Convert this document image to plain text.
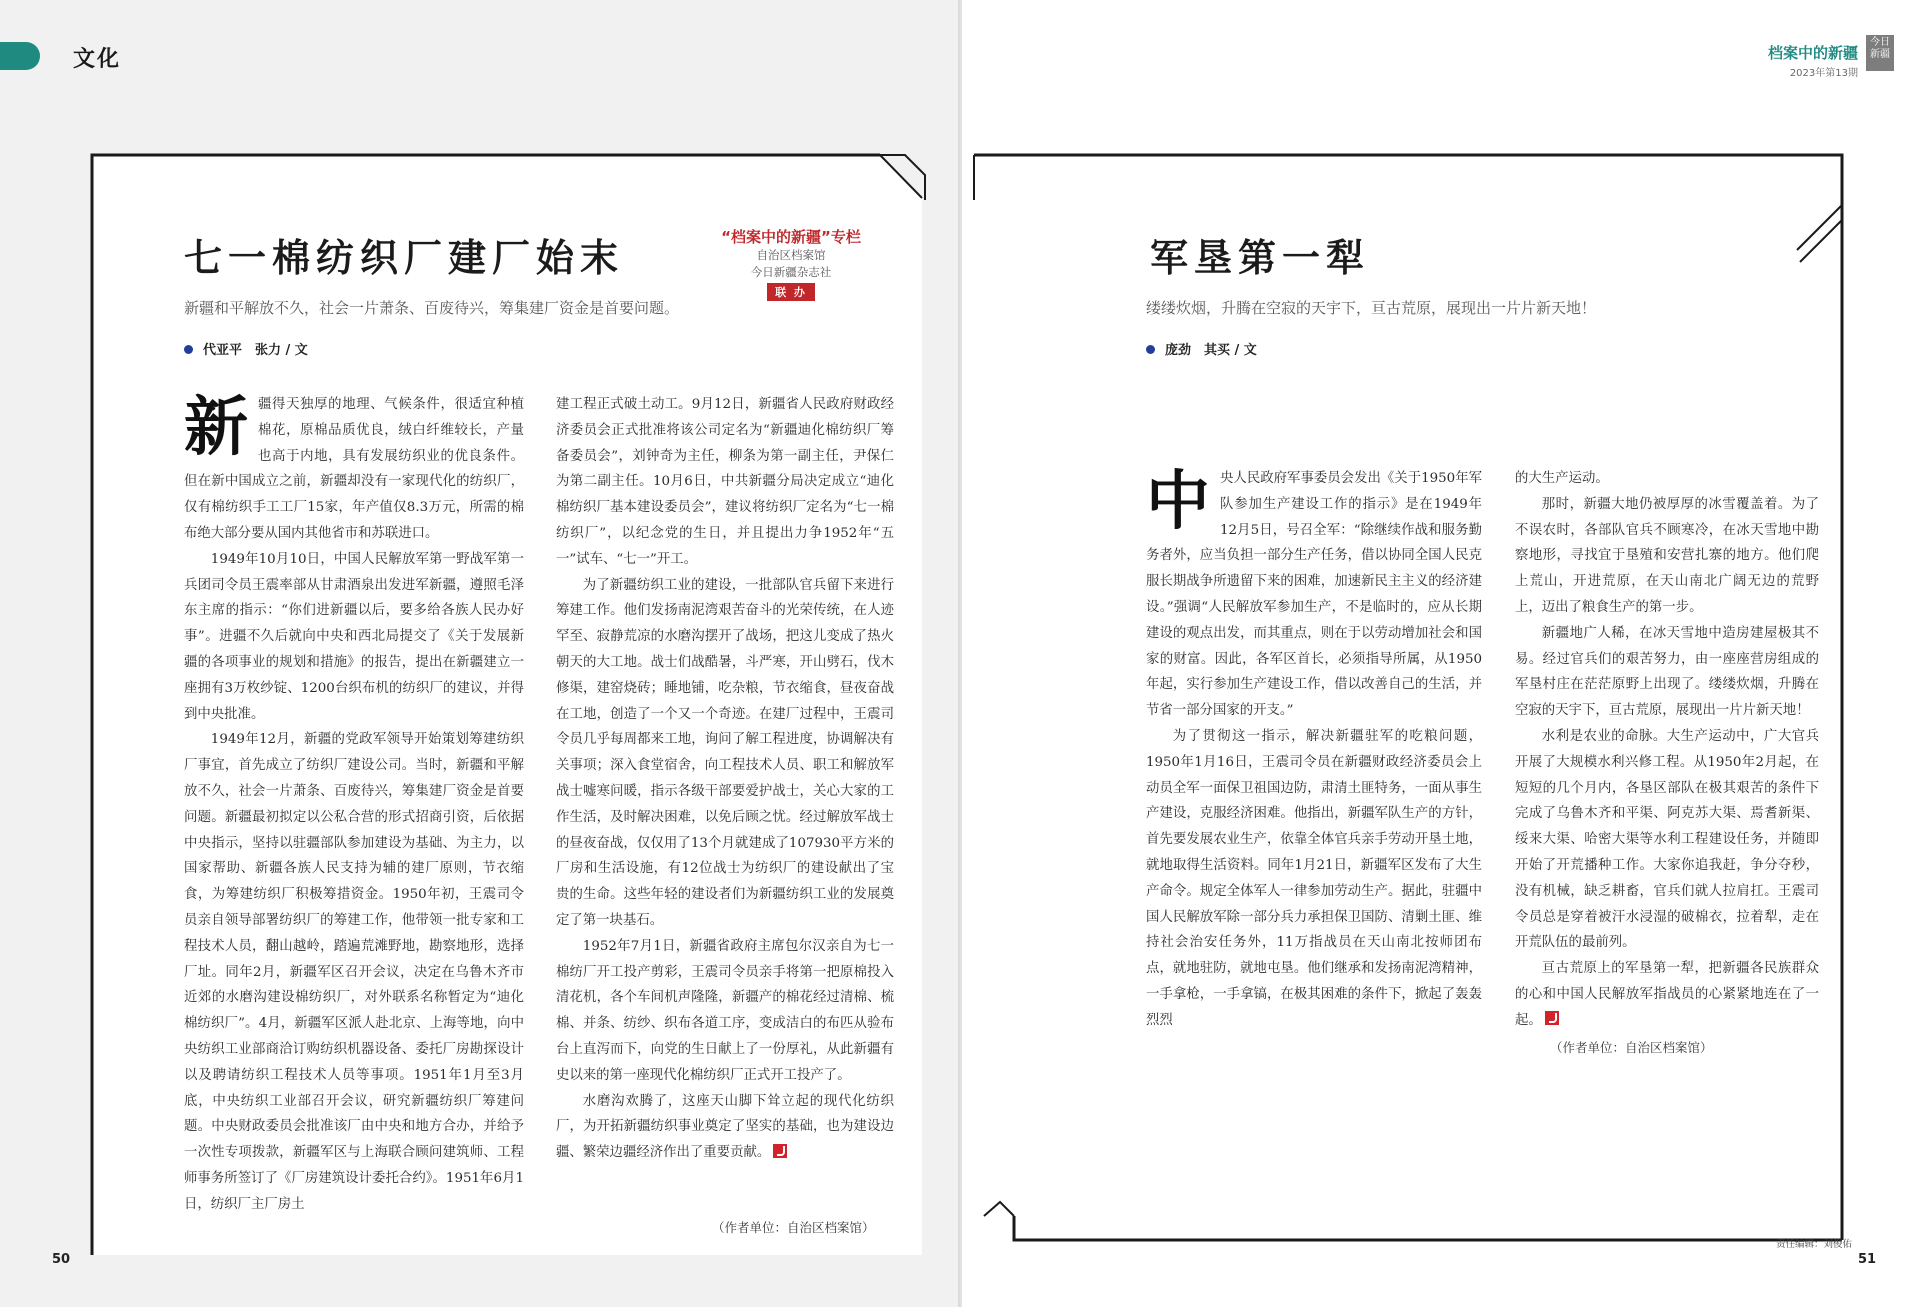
文化
七一棉纺织厂建厂始末	“档案中的新疆”专栏
自治区档案馆
今日新疆杂志社
联 办
新疆和平解放不久，社会一片萧条、百废待兴，筹集建厂资金是首要问题。
代亚平　张力 / 文

新疆得天独厚的地理、气候条件，很适宜种植棉花，原棉品质优良，绒白纤维较长，产量也高于内地，具有发展纺织业的优良条件。但在新中国成立之前，新疆却没有一家现代化的纺织厂，仅有棉纺织手工工厂15家，年产值仅8.3万元，所需的棉布绝大部分要从国内其他省市和苏联进口。

1949年10月10日，中国人民解放军第一野战军第一兵团司令员王震率部从甘肃酒泉出发进军新疆，遵照毛泽东主席的指示：“你们进新疆以后，要多给各族人民办好事”。进疆不久后就向中央和西北局提交了《关于发展新疆的各项事业的规划和措施》的报告，提出在新疆建立一座拥有3万枚纱锭、1200台织布机的纺织厂的建议，并得到中央批准。

1949年12月，新疆的党政军领导开始策划筹建纺织厂事宜，首先成立了纺织厂建设公司。当时，新疆和平解放不久，社会一片萧条、百废待兴，筹集建厂资金是首要问题。新疆最初拟定以公私合营的形式招商引资，后依据中央指示，坚持以驻疆部队参加建设为基础、为主力，以国家帮助、新疆各族人民支持为辅的建厂原则，节衣缩食，为筹建纺织厂积极筹措资金。1950年初，王震司令员亲自领导部署纺织厂的筹建工作，他带领一批专家和工程技术人员，翻山越岭，踏遍荒滩野地，勘察地形，选择厂址。同年2月，新疆军区召开会议，决定在乌鲁木齐市近郊的水磨沟建设棉纺织厂，对外联系名称暂定为“迪化棉纺织厂”。4月，新疆军区派人赴北京、上海等地，向中央纺织工业部商洽订购纺织机器设备、委托厂房勘探设计以及聘请纺织工程技术人员等事项。1951年1月至3月底，中央纺织工业部召开会议，研究新疆纺织厂筹建问题。中央财政委员会批准该厂由中央和地方合办，并给予一次性专项拨款，新疆军区与上海联合顾问建筑师、工程师事务所签订了《厂房建筑设计委托合约》。1951年6月1日，纺织厂主厂房土

建工程正式破土动工。9月12日，新疆省人民政府财政经济委员会正式批准将该公司定名为“新疆迪化棉纺织厂筹备委员会”，刘钟奇为主任，柳条为第一副主任，尹保仁为第二副主任。10月6日，中共新疆分局决定成立“迪化棉纺织厂基本建设委员会”，建议将纺织厂定名为“七一棉纺织厂”，以纪念党的生日，并且提出力争1952年“五一”试车、“七一”开工。

为了新疆纺织工业的建设，一批部队官兵留下来进行筹建工作。他们发扬南泥湾艰苦奋斗的光荣传统，在人迹罕至、寂静荒凉的水磨沟摆开了战场，把这儿变成了热火朝天的大工地。战士们战酷暑，斗严寒，开山劈石，伐木修渠，建窑烧砖；睡地铺，吃杂粮，节衣缩食，昼夜奋战在工地，创造了一个又一个奇迹。在建厂过程中，王震司令员几乎每周都来工地，询问了解工程进度，协调解决有关事项；深入食堂宿舍，向工程技术人员、职工和解放军战士嘘寒问暖，指示各级干部要爱护战士，关心大家的工作生活，及时解决困难，以免后顾之忧。经过解放军战士的昼夜奋战，仅仅用了13个月就建成了107930平方米的厂房和生活设施，有12位战士为纺织厂的建设献出了宝贵的生命。这些年轻的建设者们为新疆纺织工业的发展奠定了第一块基石。

1952年7月1日，新疆省政府主席包尔汉亲自为七一棉纺厂开工投产剪彩，王震司令员亲手将第一把原棉投入清花机，各个车间机声隆隆，新疆产的棉花经过清棉、梳棉、并条、纺纱、织布各道工序，变成洁白的布匹从验布台上直泻而下，向党的生日献上了一份厚礼，从此新疆有史以来的第一座现代化棉纺织厂正式开工投产了。

水磨沟欢腾了，这座天山脚下耸立起的现代化纺织厂，为开拓新疆纺织事业奠定了坚实的基础，也为建设边疆、繁荣边疆经济作出了重要贡献。

（作者单位：自治区档案馆）
50
档案中的新疆
2023年第13期
今日新疆
军垦第一犁
缕缕炊烟，升腾在空寂的天宇下，亘古荒原，展现出一片片新天地！
庞劲　其买 / 文

中央人民政府军事委员会发出《关于1950年军队参加生产建设工作的指示》是在1949年12月5日，号召全军：“除继续作战和服务勤务者外，应当负担一部分生产任务，借以协同全国人民克服长期战争所遗留下来的困难，加速新民主主义的经济建设。”强调“人民解放军参加生产，不是临时的，应从长期建设的观点出发，而其重点，则在于以劳动增加社会和国家的财富。因此，各军区首长，必须指导所属，从1950年起，实行参加生产建设工作，借以改善自己的生活，并节省一部分国家的开支。”

为了贯彻这一指示，解决新疆驻军的吃粮问题，1950年1月16日，王震司令员在新疆财政经济委员会上动员全军一面保卫祖国边防，肃清土匪特务，一面从事生产建设，克服经济困难。他指出，新疆军队生产的方针，首先要发展农业生产，依靠全体官兵亲手劳动开垦土地，就地取得生活资料。同年1月21日，新疆军区发布了大生产命令。规定全体军人一律参加劳动生产。据此，驻疆中国人民解放军除一部分兵力承担保卫国防、清剿土匪、维持社会治安任务外，11万指战员在天山南北按师团布点，就地驻防，就地屯垦。他们继承和发扬南泥湾精神，一手拿枪，一手拿镐，在极其困难的条件下，掀起了轰轰烈烈

的大生产运动。

那时，新疆大地仍被厚厚的冰雪覆盖着。为了不误农时，各部队官兵不顾寒冷，在冰天雪地中勘察地形，寻找宜于垦殖和安营扎寨的地方。他们爬上荒山，开进荒原，在天山南北广阔无边的荒野上，迈出了粮食生产的第一步。

新疆地广人稀，在冰天雪地中造房建屋极其不易。经过官兵们的艰苦努力，由一座座营房组成的军垦村庄在茫茫原野上出现了。缕缕炊烟，升腾在空寂的天宇下，亘古荒原，展现出一片片新天地！

水利是农业的命脉。大生产运动中，广大官兵开展了大规模水利兴修工程。从1950年2月起，在短短的几个月内，各垦区部队在极其艰苦的条件下完成了乌鲁木齐和平渠、阿克苏大渠、焉耆新渠、绥来大渠、哈密大渠等水利工程建设任务，并随即开始了开荒播种工作。大家你追我赶，争分夺秒，没有机械，缺乏耕畜，官兵们就人拉肩扛。王震司令员总是穿着被汗水浸湿的破棉衣，拉着犁，走在开荒队伍的最前列。

亘古荒原上的军垦第一犁，把新疆各民族群众的心和中国人民解放军指战员的心紧紧地连在了一起。

（作者单位：自治区档案馆）
责任编辑：刘俊佑
51
